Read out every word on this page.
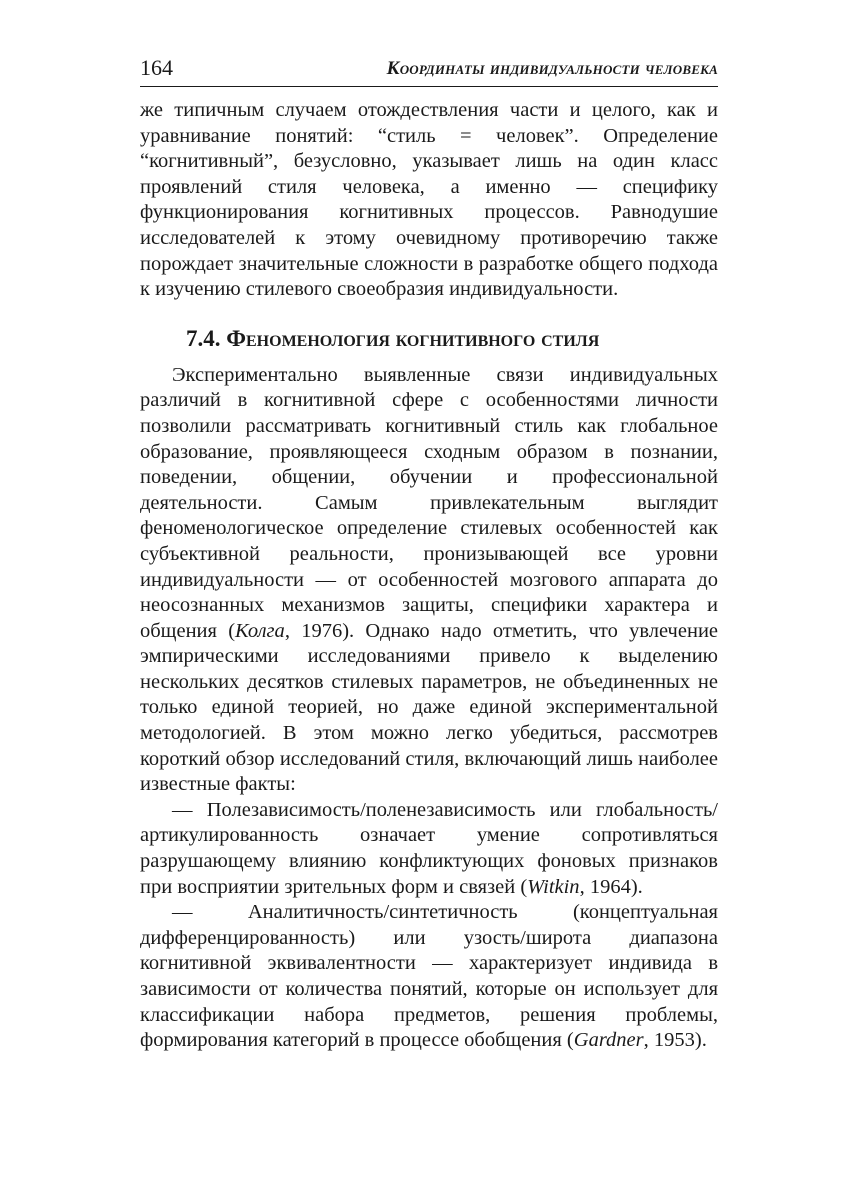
164	Координаты индивидуальности человека

же типичным случаем отождествления части и целого, как и уравнивание понятий: “стиль = человек”. Определение “когнитивный”, безусловно, указывает лишь на один класс проявлений стиля человека, а именно — специфику функционирования когнитивных процессов. Равнодушие исследователей к этому очевидному противоречию также порождает значительные сложности в разработке общего подхода к изучению стилевого своеобразия индивидуальности.

7.4. Феноменология когнитивного стиля

Экспериментально выявленные связи индивидуальных различий в когнитивной сфере с особенностями личности позволили рассматривать когнитивный стиль как глобальное образование, проявляющееся сходным образом в познании, поведении, общении, обучении и профессиональной деятельности. Самым привлекательным выглядит феноменологическое определение стилевых особенностей как субъективной реальности, пронизывающей все уровни индивидуальности — от особенностей мозгового аппарата до неосознанных механизмов защиты, специфики характера и общения (Колга, 1976). Однако надо отметить, что увлечение эмпирическими исследованиями привело к выделению нескольких десятков стилевых параметров, не объединенных не только единой теорией, но даже единой экспериментальной методологией. В этом можно легко убедиться, рассмотрев короткий обзор исследований стиля, включающий лишь наиболее известные факты:

— Полезависимость/поленезависимость или глобальность/артикулированность означает умение сопротивляться разрушающему влиянию конфликтующих фоновых признаков при восприятии зрительных форм и связей (Witkin, 1964).

— Аналитичность/синтетичность (концептуальная дифференцированность) или узость/широта диапазона когнитивной эквивалентности — характеризует индивида в зависимости от количества понятий, которые он использует для классификации набора предметов, решения проблемы, формирования категорий в процессе обобщения (Gardner, 1953).
